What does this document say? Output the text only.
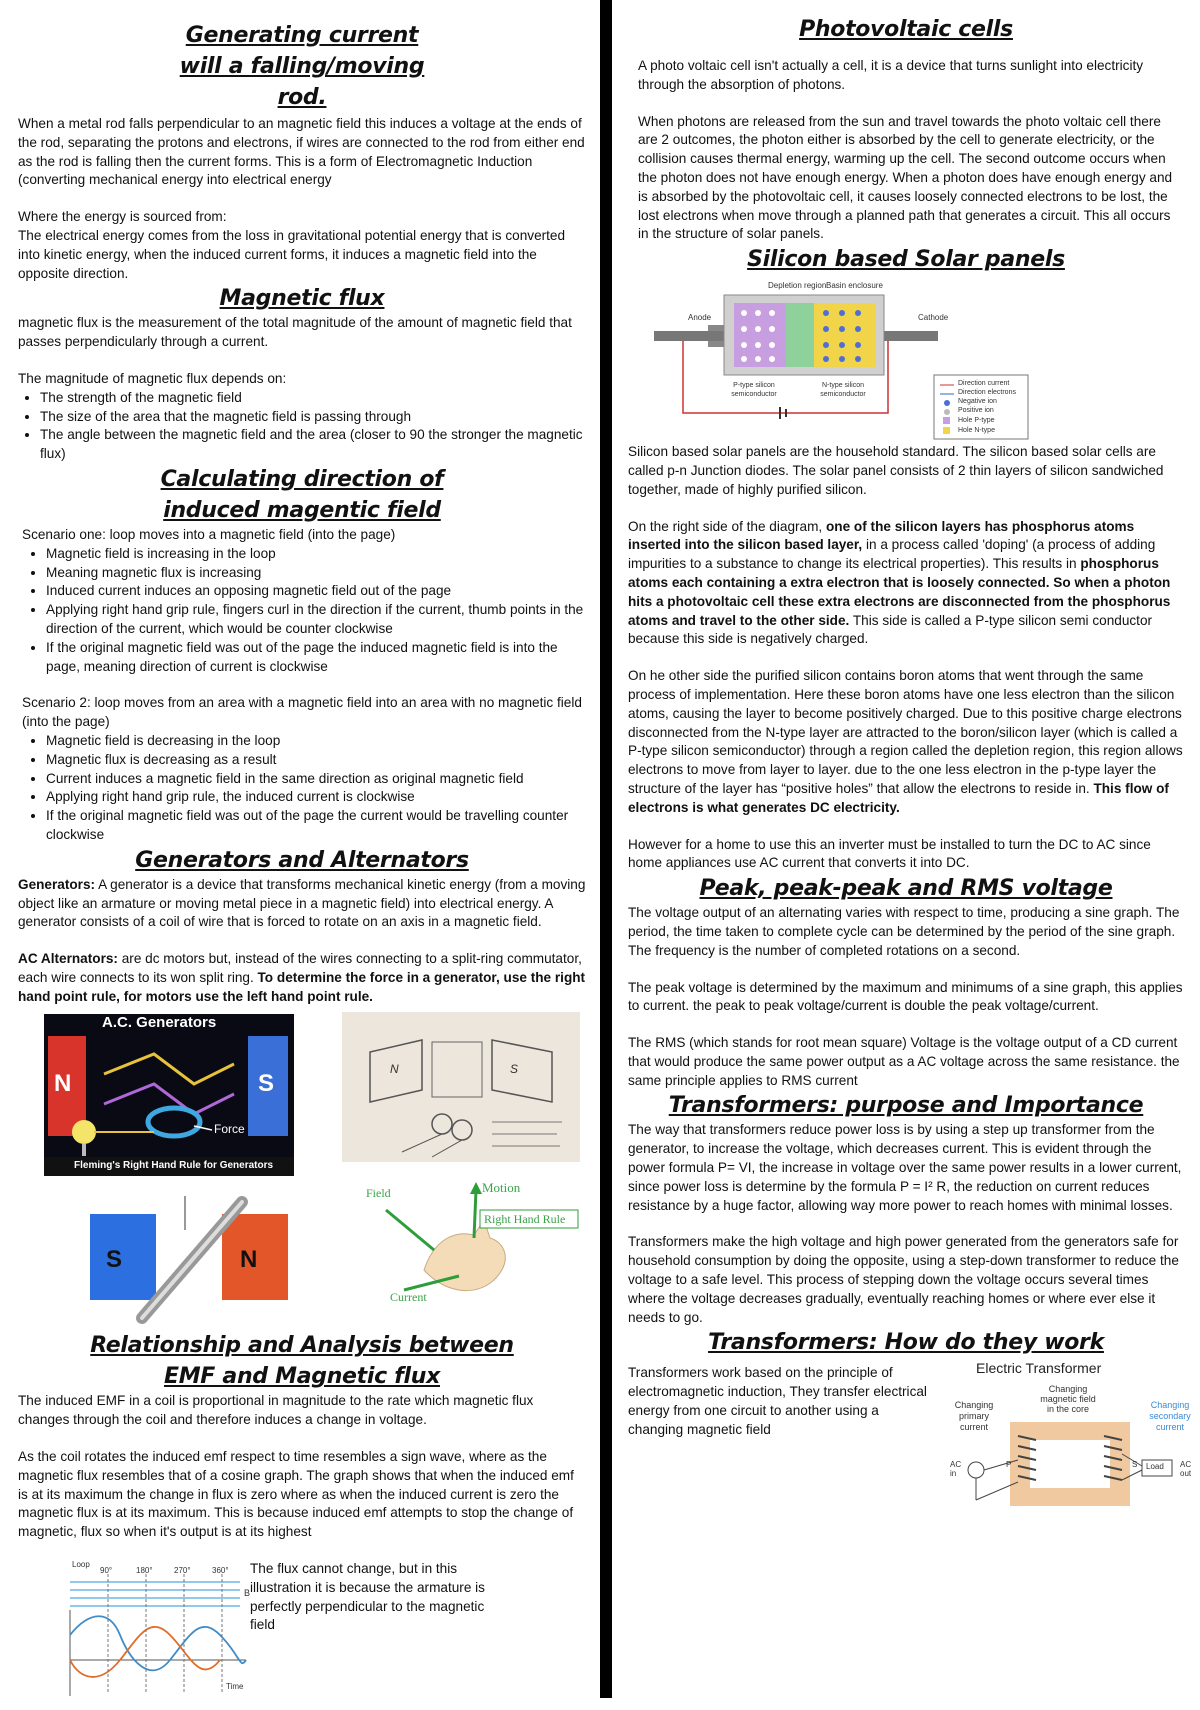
Generating current will a falling/moving rod.

When a metal rod falls perpendicular to an magnetic field this induces a voltage at the ends of the rod, separating the protons and electrons, if wires are connected to the rod from either end as the rod is falling then the current forms. This is a form of Electromagnetic Induction (converting mechanical energy into electrical energy

Where the energy is sourced from:

The electrical energy comes from the loss in gravitational potential energy that is converted into kinetic energy, when the induced current forms, it induces a magnetic field into the opposite direction.

Magnetic flux

magnetic flux is the measurement of the total magnitude of the amount of magnetic field that passes perpendicularly through a current.

The magnitude of magnetic flux depends on:

• The strength of the magnetic field
• The size of the area that the magnetic field is passing through
• The angle between the magnetic field and the area (closer to 90 the stronger the magnetic flux)
Calculating direction of induced magentic field

Scenario one: loop moves into a magnetic field (into the page)

• Magnetic field is increasing in the loop
• Meaning magnetic flux is increasing
• Induced current induces an opposing magnetic field out of the page
• Applying right hand grip rule, fingers curl in the direction if the current, thumb points in the direction of the current, which would be counter clockwise
• If the original magnetic field was out of the page the induced magnetic field is into the page, meaning direction of current is clockwise

Scenario 2: loop moves from an area with a magnetic field into an area with no magnetic field (into the page)

• Magnetic field is decreasing in the loop
• Magnetic flux is decreasing as a result
• Current induces a magnetic field in the same direction as original magnetic field
• Applying right hand grip rule, the induced current is clockwise
• If the original magnetic field was out of the page the current would be travelling counter clockwise
Generators and Alternators

Generators: A generator is a device that transforms mechanical kinetic energy (from a moving object like an armature or moving metal piece in a magnetic field) into electrical energy. A generator consists of a coil of wire that is forced to rotate on an axis in a magnetic field.

AC Alternators: are dc motors but, instead of the wires connecting to a split-ring commutator, each wire connects to its won split ring. To determine the force in a generator, use the right hand point rule, for motors use the left hand point rule.

A.C. Generators
N	S
Force
Fleming's Right Hand Rule for Generators
N	S
S	N
Field	Motion
Right Hand Rule
Current
Relationship and Analysis between EMF and Magnetic flux

The induced EMF in a coil is proportional in magnitude to the rate which magnetic flux changes through the coil and therefore induces a change in voltage.

As the coil rotates the induced emf respect to time resembles a sign wave, where as the magnetic flux resembles that of a cosine graph. The graph shows that when the induced emf is at its maximum the change in flux is zero where as when the induced current is zero the magnetic flux is at its maximum. This is because induced emf attempts to stop the change of magnetic, flux so when it's output is at its highest

Loop
90°	180°	270°	360°
B
Time

The flux cannot change, but in this illustration it is because the armature is perfectly perpendicular to the magnetic field

Photovoltaic cells

A photo voltaic cell isn't actually a cell, it is a device that turns sunlight into electricity through the absorption of photons.

When photons are released from the sun and travel towards the photo voltaic cell there are 2 outcomes, the photon either is absorbed by the cell to generate electricity, or the collision causes thermal energy, warming up the cell. The second outcome occurs when the photon does not have enough energy. When a photon does have enough energy and is absorbed by the photovoltaic cell, it causes loosely connected electrons to be lost, the lost electrons when move through a planned path that generates a circuit. This all occurs in the structure of solar panels.

Silicon based Solar panels
Depletion region Basin enclosure
Anode	Cathode
P-type silicon semiconductor
N-type silicon semiconductor
Direction current
Direction electrons
Negative ion
Positive ion
Hole P-type
Hole N-type

Silicon based solar panels are the household standard. The silicon based solar cells are called p-n Junction diodes. The solar panel consists of 2 thin layers of silicon sandwiched together, made of highly purified silicon.

On the right side of the diagram, one of the silicon layers has phosphorus atoms inserted into the silicon based layer, in a process called 'doping' (a process of adding impurities to a substance to change its electrical properties). This results in phosphorus atoms each containing a extra electron that is loosely connected. So when a photon hits a photovoltaic cell these extra electrons are disconnected from the phosphorus atoms and travel to the other side. This side is called a P-type silicon semi conductor because this side is negatively charged.

On he other side the purified silicon contains boron atoms that went through the same process of implementation. Here these boron atoms have one less electron than the silicon atoms, causing the layer to become positively charged. Due to this positive charge electrons disconnected from the N-type layer are attracted to the boron/silicon layer (which is called a P-type silicon semiconductor) through a region called the depletion region, this region allows electrons to move from layer to layer. due to the one less electron in the p-type layer the structure of the layer has “positive holes” that allow the electrons to reside in. This flow of electrons is what generates DC electricity.

However for a home to use this an inverter must be installed to turn the DC to AC since home appliances use AC current that converts it into DC.

Peak, peak-peak and RMS voltage

The voltage output of an alternating varies with respect to time, producing a sine graph. The period, the time taken to complete cycle can be determined by the period of the sine graph. The frequency is the number of completed rotations on a second.

The peak voltage is determined by the maximum and minimums of a sine graph, this applies to current. the peak to peak voltage/current is double the peak voltage/current.

The RMS (which stands for root mean square) Voltage is the voltage output of a CD current that would produce the same power output as a AC voltage across the same resistance. the same principle applies to RMS current

Transformers: purpose and Importance

The way that transformers reduce power loss is by using a step up transformer from the generator, to increase the voltage, which decreases current. This is evident through the power formula P= VI, the increase in voltage over the same power results in a lower current, since power loss is determine by the formula P = I² R, the reduction on current reduces resistance by a huge factor, allowing way more power to reach homes with minimal losses.

Transformers make the high voltage and high power generated from the generators safe for household consumption by doing the opposite, using a step-down transformer to reduce the voltage to a safe level. This process of stepping down the voltage occurs several times where the voltage decreases gradually, eventually reaching homes or where ever else it needs to go.

Transformers: How do they work

Transformers work based on the principle of electromagnetic induction, They transfer electrical energy from one circuit to another using a changing magnetic field

Electric Transformer
Changing magnetic field in the core
Changing primary current
Changing secondary current
AC in
AC out
Load
P	S
